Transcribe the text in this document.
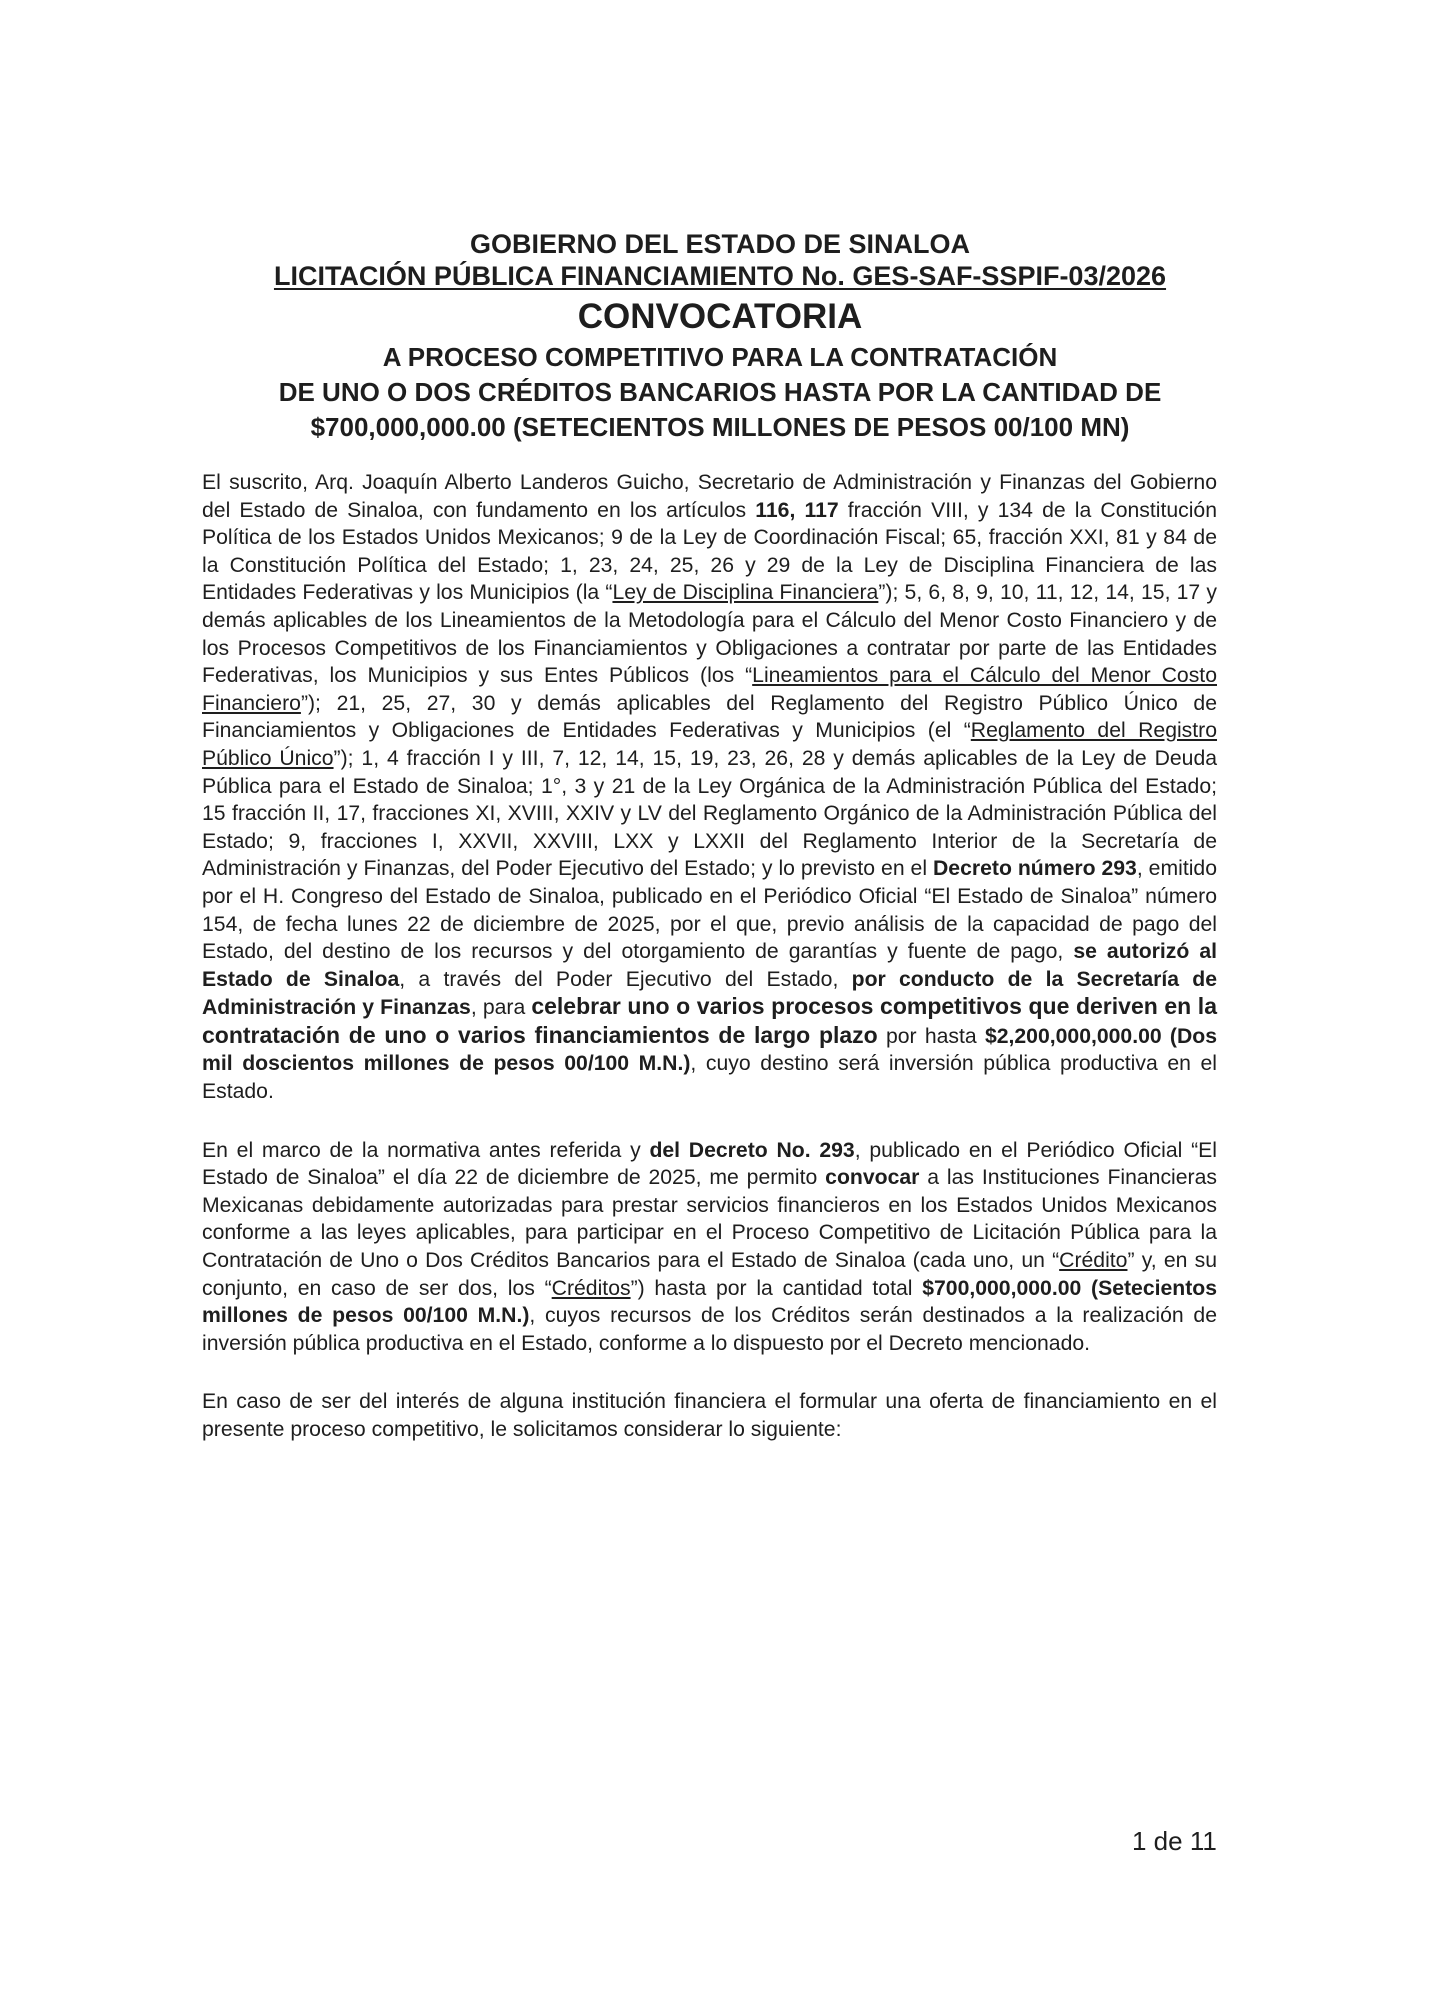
GOBIERNO DEL ESTADO DE SINALOA
LICITACIÓN PÚBLICA FINANCIAMIENTO No. GES-SAF-SSPIF-03/2026
CONVOCATORIA
A PROCESO COMPETITIVO PARA LA CONTRATACIÓN
DE UNO O DOS CRÉDITOS BANCARIOS HASTA POR LA CANTIDAD DE
$700,000,000.00 (SETECIENTOS MILLONES DE PESOS 00/100 MN)

El suscrito, Arq. Joaquín Alberto Landeros Guicho, Secretario de Administración y Finanzas del Gobierno del Estado de Sinaloa, con fundamento en los artículos 116, 117 fracción VIII, y 134 de la Constitución Política de los Estados Unidos Mexicanos; 9 de la Ley de Coordinación Fiscal; 65, fracción XXI, 81 y 84 de la Constitución Política del Estado; 1, 23, 24, 25, 26 y 29 de la Ley de Disciplina Financiera de las Entidades Federativas y los Municipios (la “Ley de Disciplina Financiera”); 5, 6, 8, 9, 10, 11, 12, 14, 15, 17 y demás aplicables de los Lineamientos de la Metodología para el Cálculo del Menor Costo Financiero y de los Procesos Competitivos de los Financiamientos y Obligaciones a contratar por parte de las Entidades Federativas, los Municipios y sus Entes Públicos (los “Lineamientos para el Cálculo del Menor Costo Financiero”); 21, 25, 27, 30 y demás aplicables del Reglamento del Registro Público Único de Financiamientos y Obligaciones de Entidades Federativas y Municipios (el “Reglamento del Registro Público Único”); 1, 4 fracción I y III, 7, 12, 14, 15, 19, 23, 26, 28 y demás aplicables de la Ley de Deuda Pública para el Estado de Sinaloa; 1°, 3 y 21 de la Ley Orgánica de la Administración Pública del Estado; 15 fracción II, 17, fracciones XI, XVIII, XXIV y LV del Reglamento Orgánico de la Administración Pública del Estado; 9, fracciones I, XXVII, XXVIII, LXX y LXXII del Reglamento Interior de la Secretaría de Administración y Finanzas, del Poder Ejecutivo del Estado; y lo previsto en el Decreto número 293, emitido por el H. Congreso del Estado de Sinaloa, publicado en el Periódico Oficial “El Estado de Sinaloa” número 154, de fecha lunes 22 de diciembre de 2025, por el que, previo análisis de la capacidad de pago del Estado, del destino de los recursos y del otorgamiento de garantías y fuente de pago, se autorizó al Estado de Sinaloa, a través del Poder Ejecutivo del Estado, por conducto de la Secretaría de Administración y Finanzas, para celebrar uno o varios procesos competitivos que deriven en la contratación de uno o varios financiamientos de largo plazo por hasta $2,200,000,000.00 (Dos mil doscientos millones de pesos 00/100 M.N.), cuyo destino será inversión pública productiva en el Estado.

En el marco de la normativa antes referida y del Decreto No. 293, publicado en el Periódico Oficial “El Estado de Sinaloa” el día 22 de diciembre de 2025, me permito convocar a las Instituciones Financieras Mexicanas debidamente autorizadas para prestar servicios financieros en los Estados Unidos Mexicanos conforme a las leyes aplicables, para participar en el Proceso Competitivo de Licitación Pública para la Contratación de Uno o Dos Créditos Bancarios para el Estado de Sinaloa (cada uno, un “Crédito” y, en su conjunto, en caso de ser dos, los “Créditos”) hasta por la cantidad total $700,000,000.00 (Setecientos millones de pesos 00/100 M.N.), cuyos recursos de los Créditos serán destinados a la realización de inversión pública productiva en el Estado, conforme a lo dispuesto por el Decreto mencionado.

En caso de ser del interés de alguna institución financiera el formular una oferta de financiamiento en el presente proceso competitivo, le solicitamos considerar lo siguiente:

1 de 11
